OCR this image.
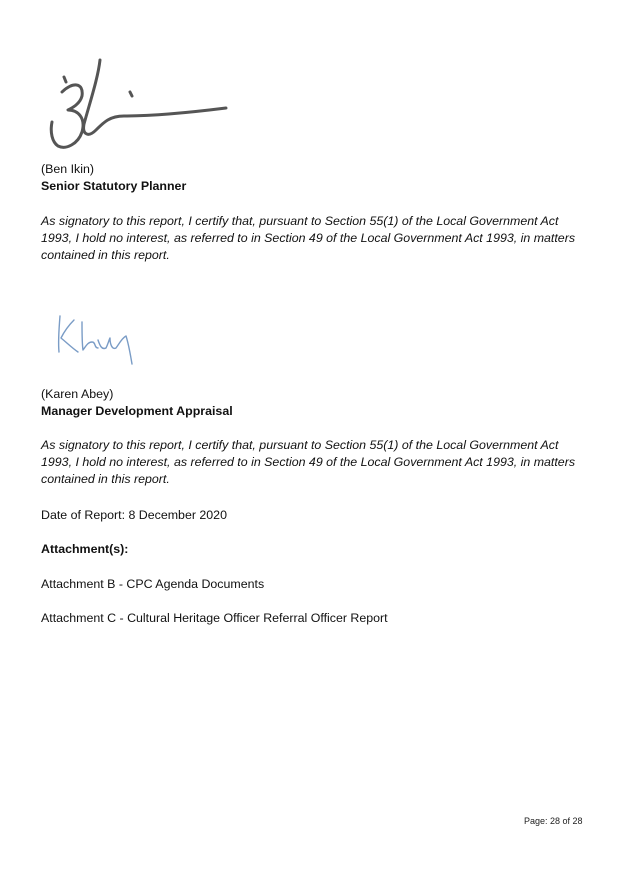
(Ben Ikin)

Senior Statutory Planner

As signatory to this report, I certify that, pursuant to Section 55(1) of the Local Government Act 1993, I hold no interest, as referred to in Section 49 of the Local Government Act 1993, in matters contained in this report.

(Karen Abey)

Manager Development Appraisal

As signatory to this report, I certify that, pursuant to Section 55(1) of the Local Government Act 1993, I hold no interest, as referred to in Section 49 of the Local Government Act 1993, in matters contained in this report.

Date of Report: 8 December 2020

Attachment(s):

Attachment B - CPC Agenda Documents

Attachment C - Cultural Heritage Officer Referral Officer Report

Page: 28 of 28
